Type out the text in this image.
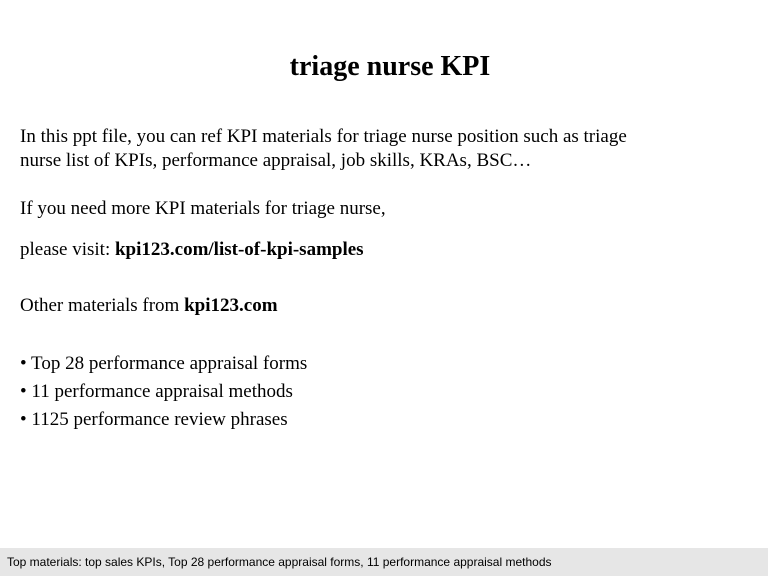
triage nurse KPI
In this ppt file, you can ref KPI materials for triage nurse position such as triage
nurse list of KPIs, performance appraisal, job skills, KRAs, BSC…
If you need more KPI materials for triage nurse,
please visit: kpi123.com/list-of-kpi-samples
Other materials from kpi123.com
• Top 28 performance appraisal forms
• 11 performance appraisal methods
• 1125 performance review phrases
Top materials: top sales KPIs, Top 28 performance appraisal forms, 11 performance appraisal methods
